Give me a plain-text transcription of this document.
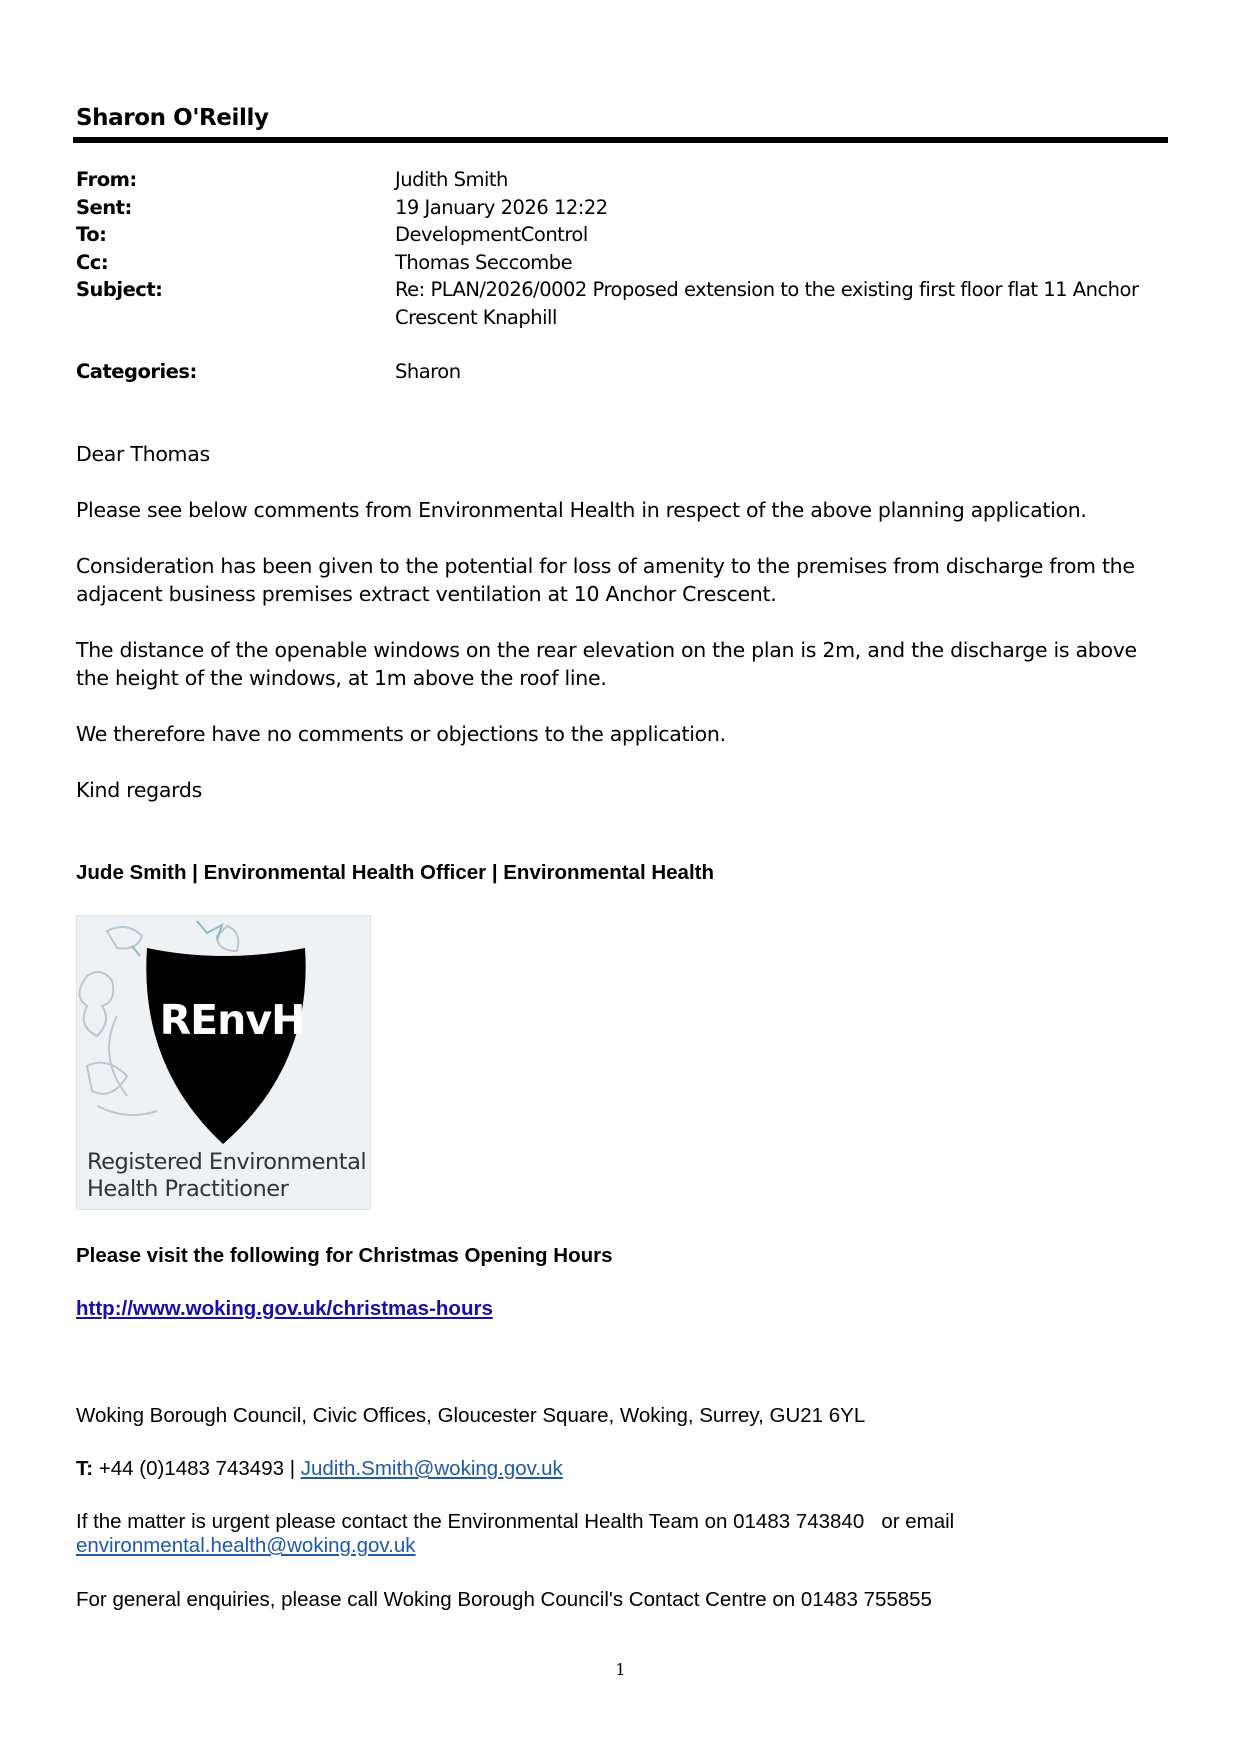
Sharon O'Reilly
From:	Judith Smith
Sent:	19 January 2026 12:22
To:	DevelopmentControl
Cc:	Thomas Seccombe
Subject:	Re: PLAN/2026/0002 Proposed extension to the existing first floor flat 11 Anchor Crescent Knaphill
Categories:	Sharon

Dear Thomas

Please see below comments from Environmental Health in respect of the above planning application.

Consideration has been given to the potential for loss of amenity to the premises from discharge from the adjacent business premises extract ventilation at 10 Anchor Crescent.

The distance of the openable windows on the rear elevation on the plan is 2m, and the discharge is above the height of the windows, at 1m above the roof line.

We therefore have no comments or objections to the application.

Kind regards

Jude Smith | Environmental Health Officer | Environmental Health
REnvH
Registered Environmental
Health Practitioner
Please visit the following for Christmas Opening Hours
http://www.woking.gov.uk/christmas-hours
Woking Borough Council, Civic Offices, Gloucester Square, Woking, Surrey, GU21 6YL
T: +44 (0)1483 743493 | Judith.Smith@woking.gov.uk
If the matter is urgent please contact the Environmental Health Team on 01483 743840   or email
environmental.health@woking.gov.uk
For general enquiries, please call Woking Borough Council's Contact Centre on 01483 755855
1
